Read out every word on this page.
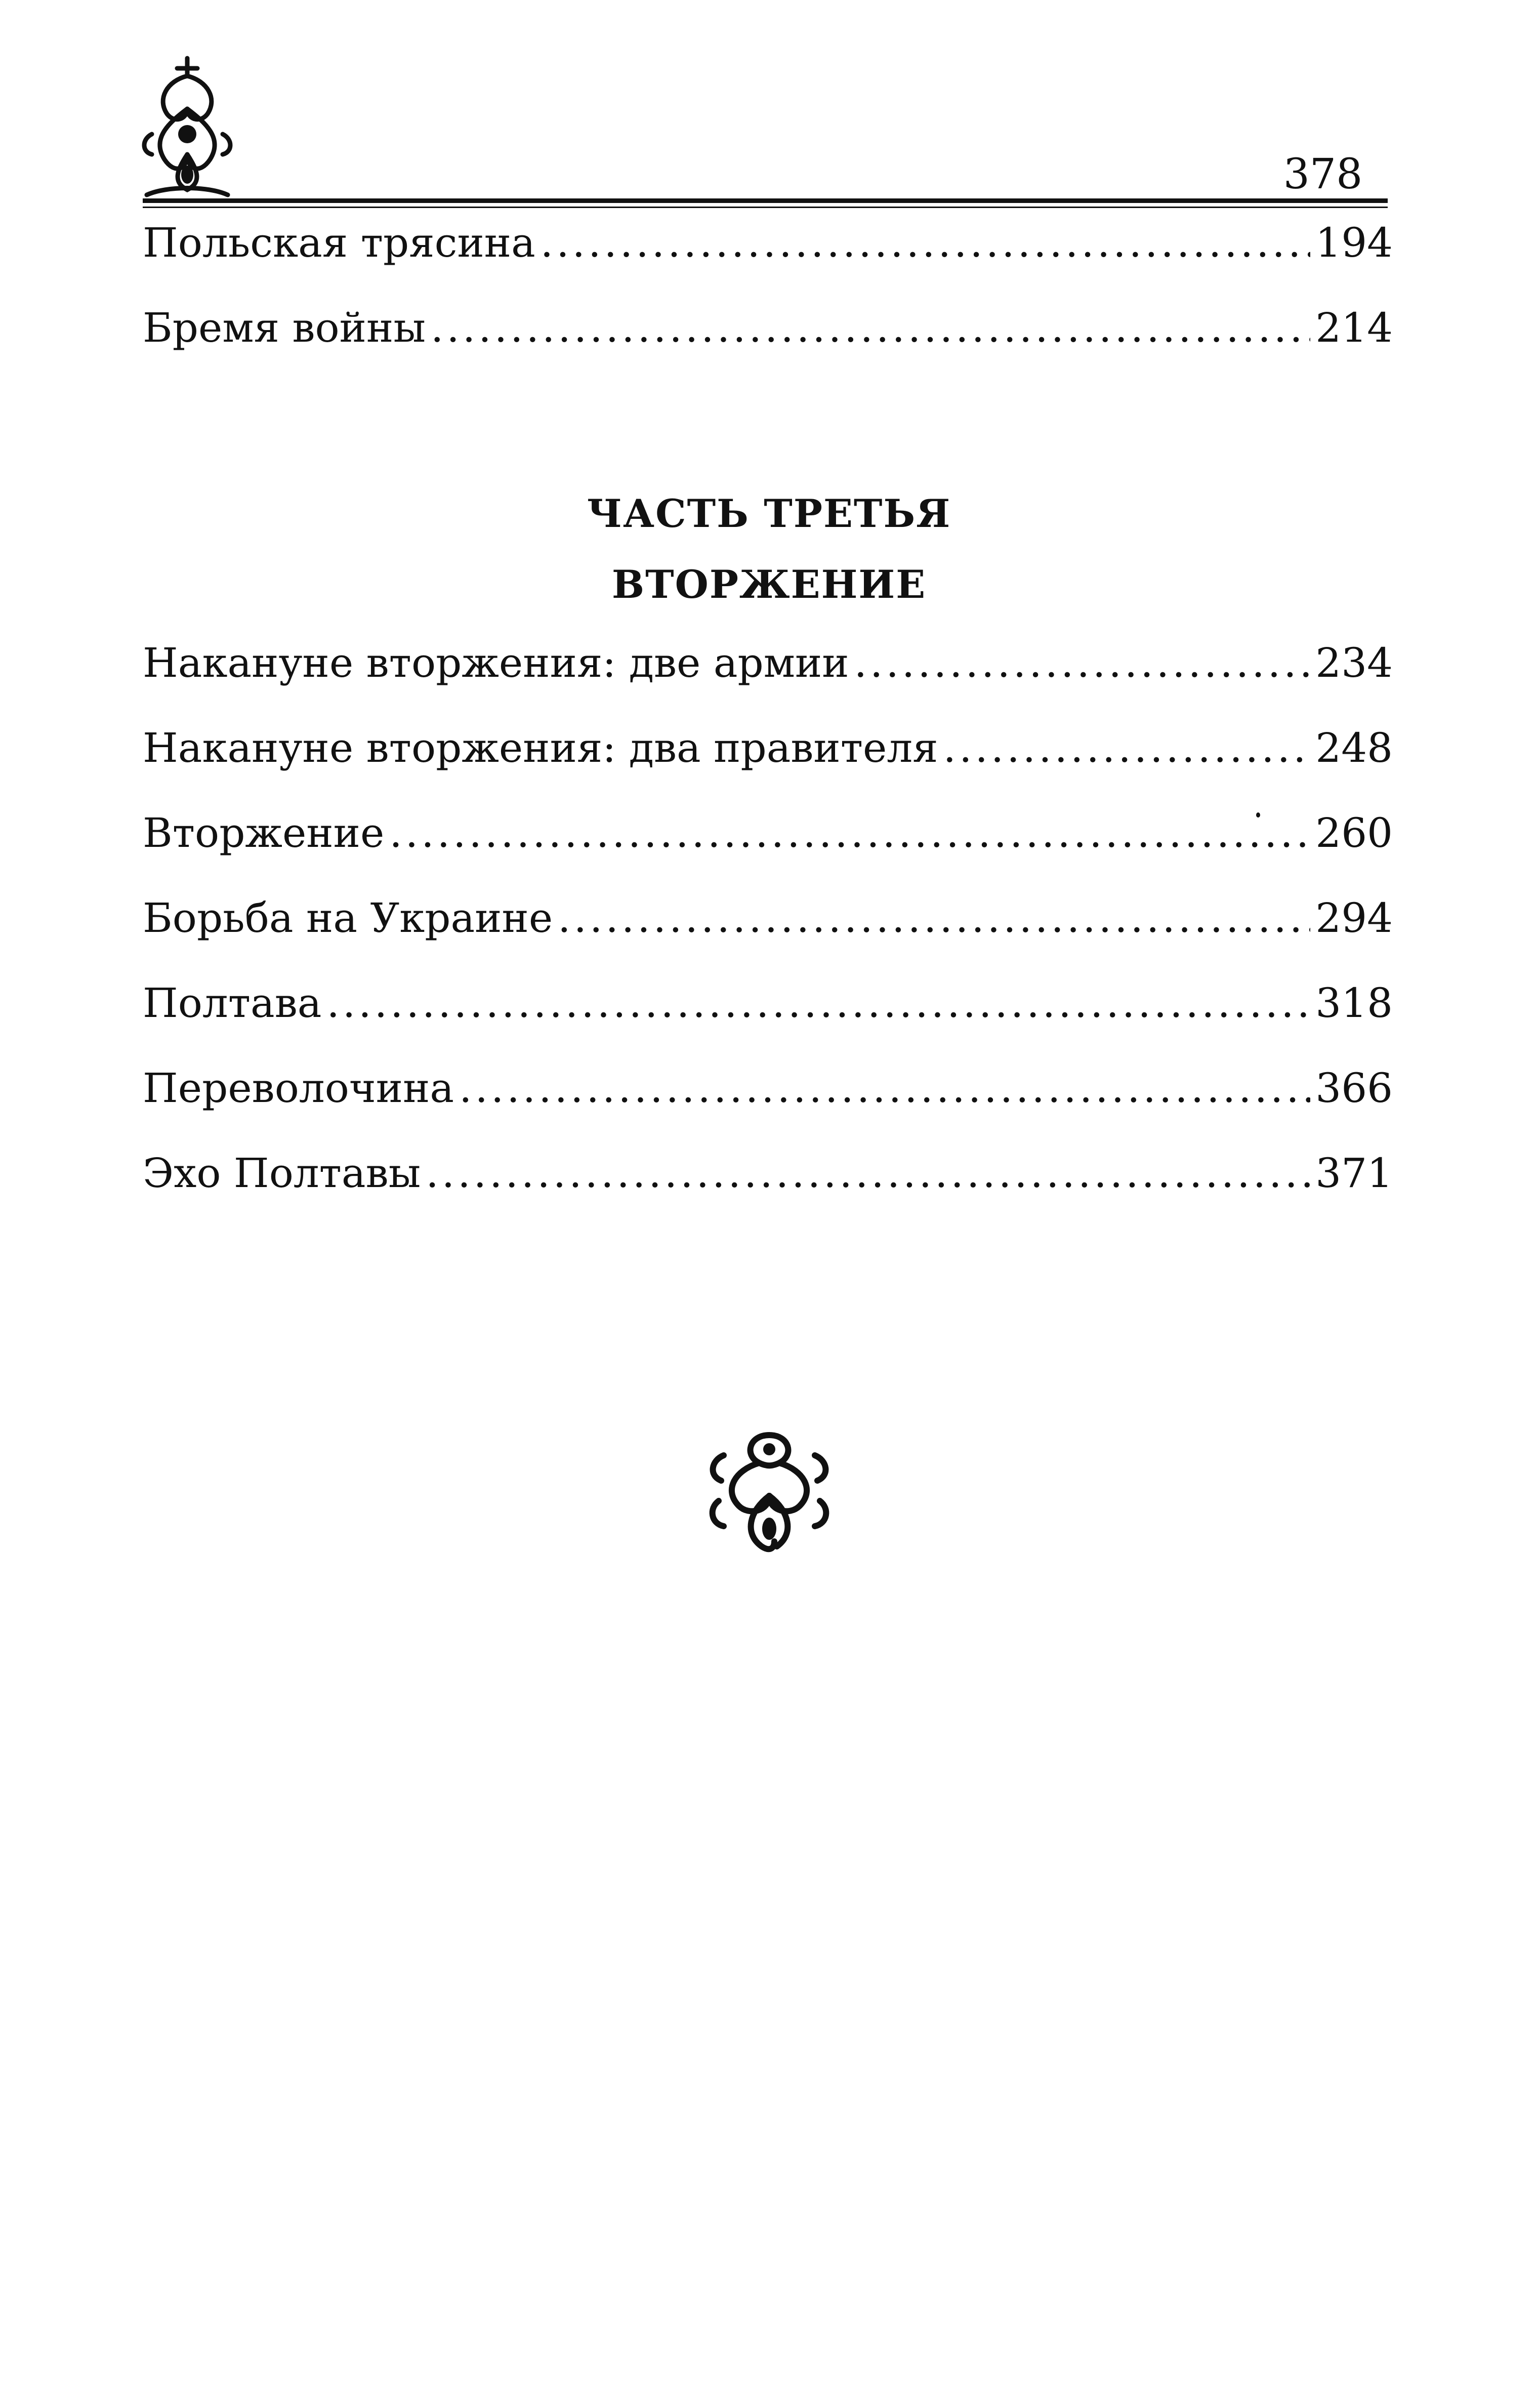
378
Польская трясина .....	194
Бремя войны .....	214
ЧАСТЬ ТРЕТЬЯ
ВТОРЖЕНИЕ
Накануне вторжения: две армии .....	234
Накануне вторжения: два правителя .....	248
Вторжение .....	260
Борьба на Украине .....	294
Полтава .....	318
Переволочина .....	366
Эхо Полтавы .....	371
